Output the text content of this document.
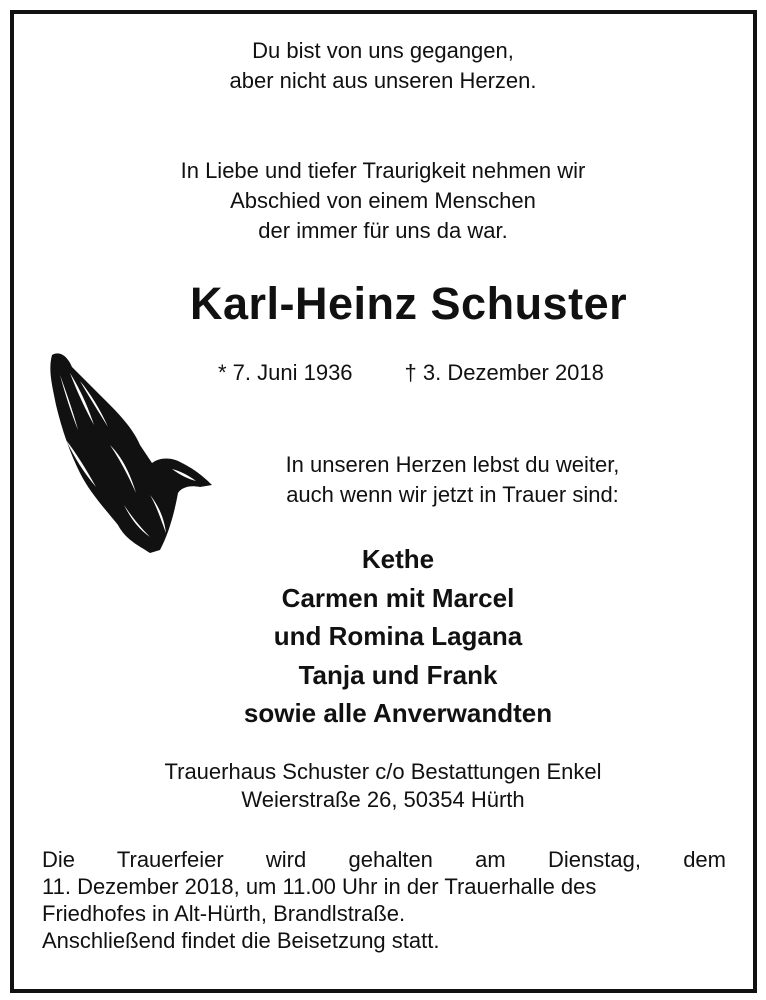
Du bist von uns gegangen,
aber nicht aus unseren Herzen.
In Liebe und tiefer Traurigkeit nehmen wir
Abschied von einem Menschen
der immer für uns da war.
Karl-Heinz Schuster
* 7. Juni 1936 † 3. Dezember 2018
In unseren Herzen lebst du weiter,
auch wenn wir jetzt in Trauer sind:
Kethe
Carmen mit Marcel
und Romina Lagana
Tanja und Frank
sowie alle Anverwandten
Trauerhaus Schuster c/o Bestattungen Enkel
Weierstraße 26, 50354 Hürth
Die Trauerfeier wird gehalten am Dienstag, dem
11. Dezember 2018, um 11.00 Uhr in der Trauerhalle des
Friedhofes in Alt-Hürth, Brandlstraße.
Anschließend findet die Beisetzung statt.
